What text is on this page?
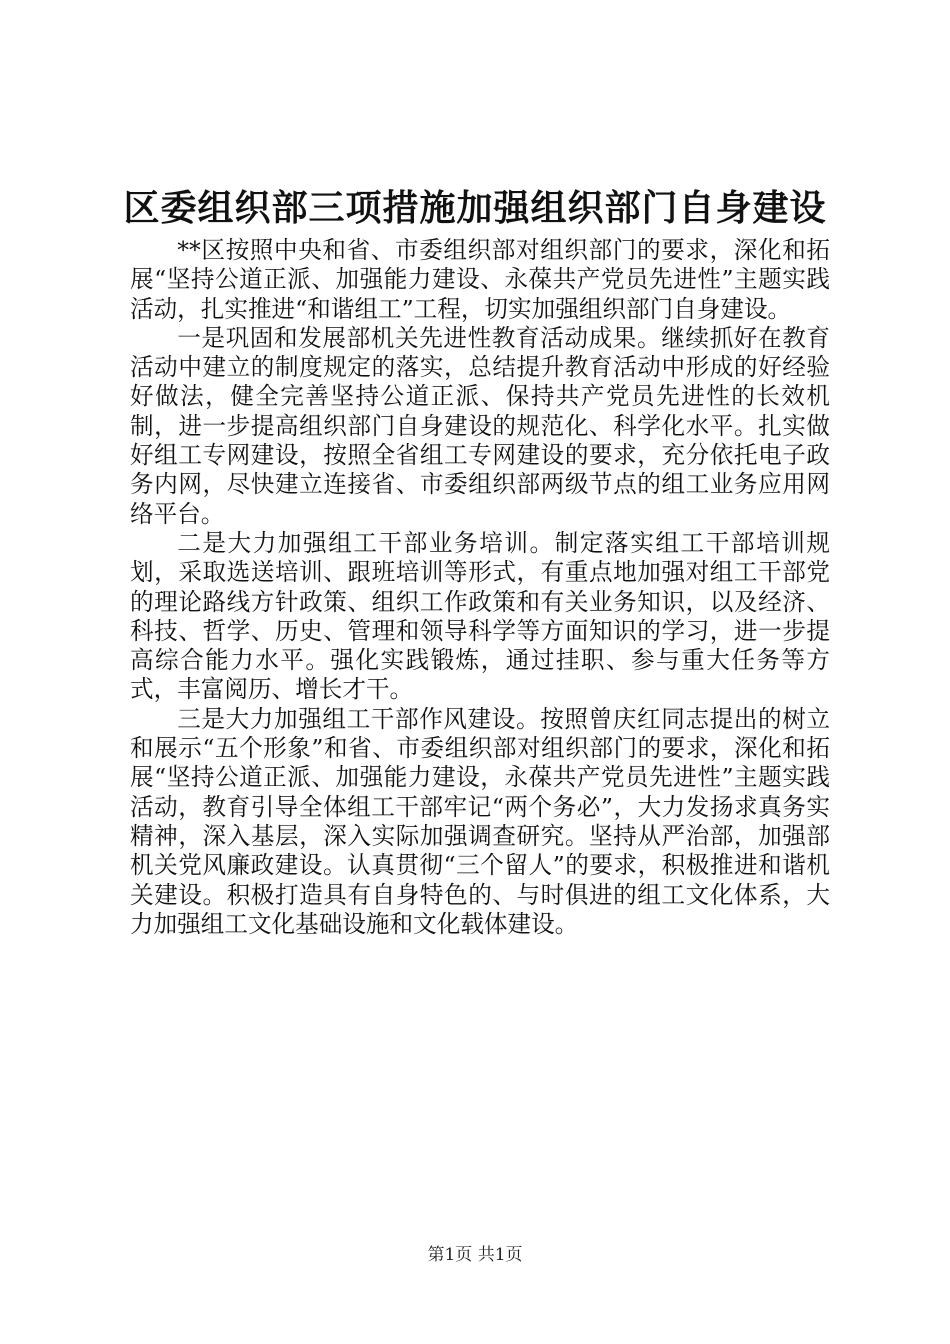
区委组织部三项措施加强组织部门自身建设

**区按照中央和省、市委组织部对组织部门的要求，深化和拓展“坚持公道正派、加强能力建设、永葆共产党员先进性”主题实践活动，扎实推进“和谐组工”工程，切实加强组织部门自身建设。

一是巩固和发展部机关先进性教育活动成果。继续抓好在教育活动中建立的制度规定的落实，总结提升教育活动中形成的好经验好做法，健全完善坚持公道正派、保持共产党员先进性的长效机制，进一步提高组织部门自身建设的规范化、科学化水平。扎实做好组工专网建设，按照全省组工专网建设的要求，充分依托电子政务内网，尽快建立连接省、市委组织部两级节点的组工业务应用网络平台。

二是大力加强组工干部业务培训。制定落实组工干部培训规划，采取选送培训、跟班培训等形式，有重点地加强对组工干部党的理论路线方针政策、组织工作政策和有关业务知识，以及经济、科技、哲学、历史、管理和领导科学等方面知识的学习，进一步提高综合能力水平。强化实践锻炼，通过挂职、参与重大任务等方式，丰富阅历、增长才干。

三是大力加强组工干部作风建设。按照曾庆红同志提出的树立和展示“五个形象”和省、市委组织部对组织部门的要求，深化和拓展“坚持公道正派、加强能力建设，永葆共产党员先进性”主题实践活动，教育引导全体组工干部牢记“两个务必”，大力发扬求真务实精神，深入基层，深入实际加强调查研究。坚持从严治部，加强部机关党风廉政建设。认真贯彻“三个留人”的要求，积极推进和谐机关建设。积极打造具有自身特色的、与时俱进的组工文化体系，大力加强组工文化基础设施和文化载体建设。

第1页 共1页
